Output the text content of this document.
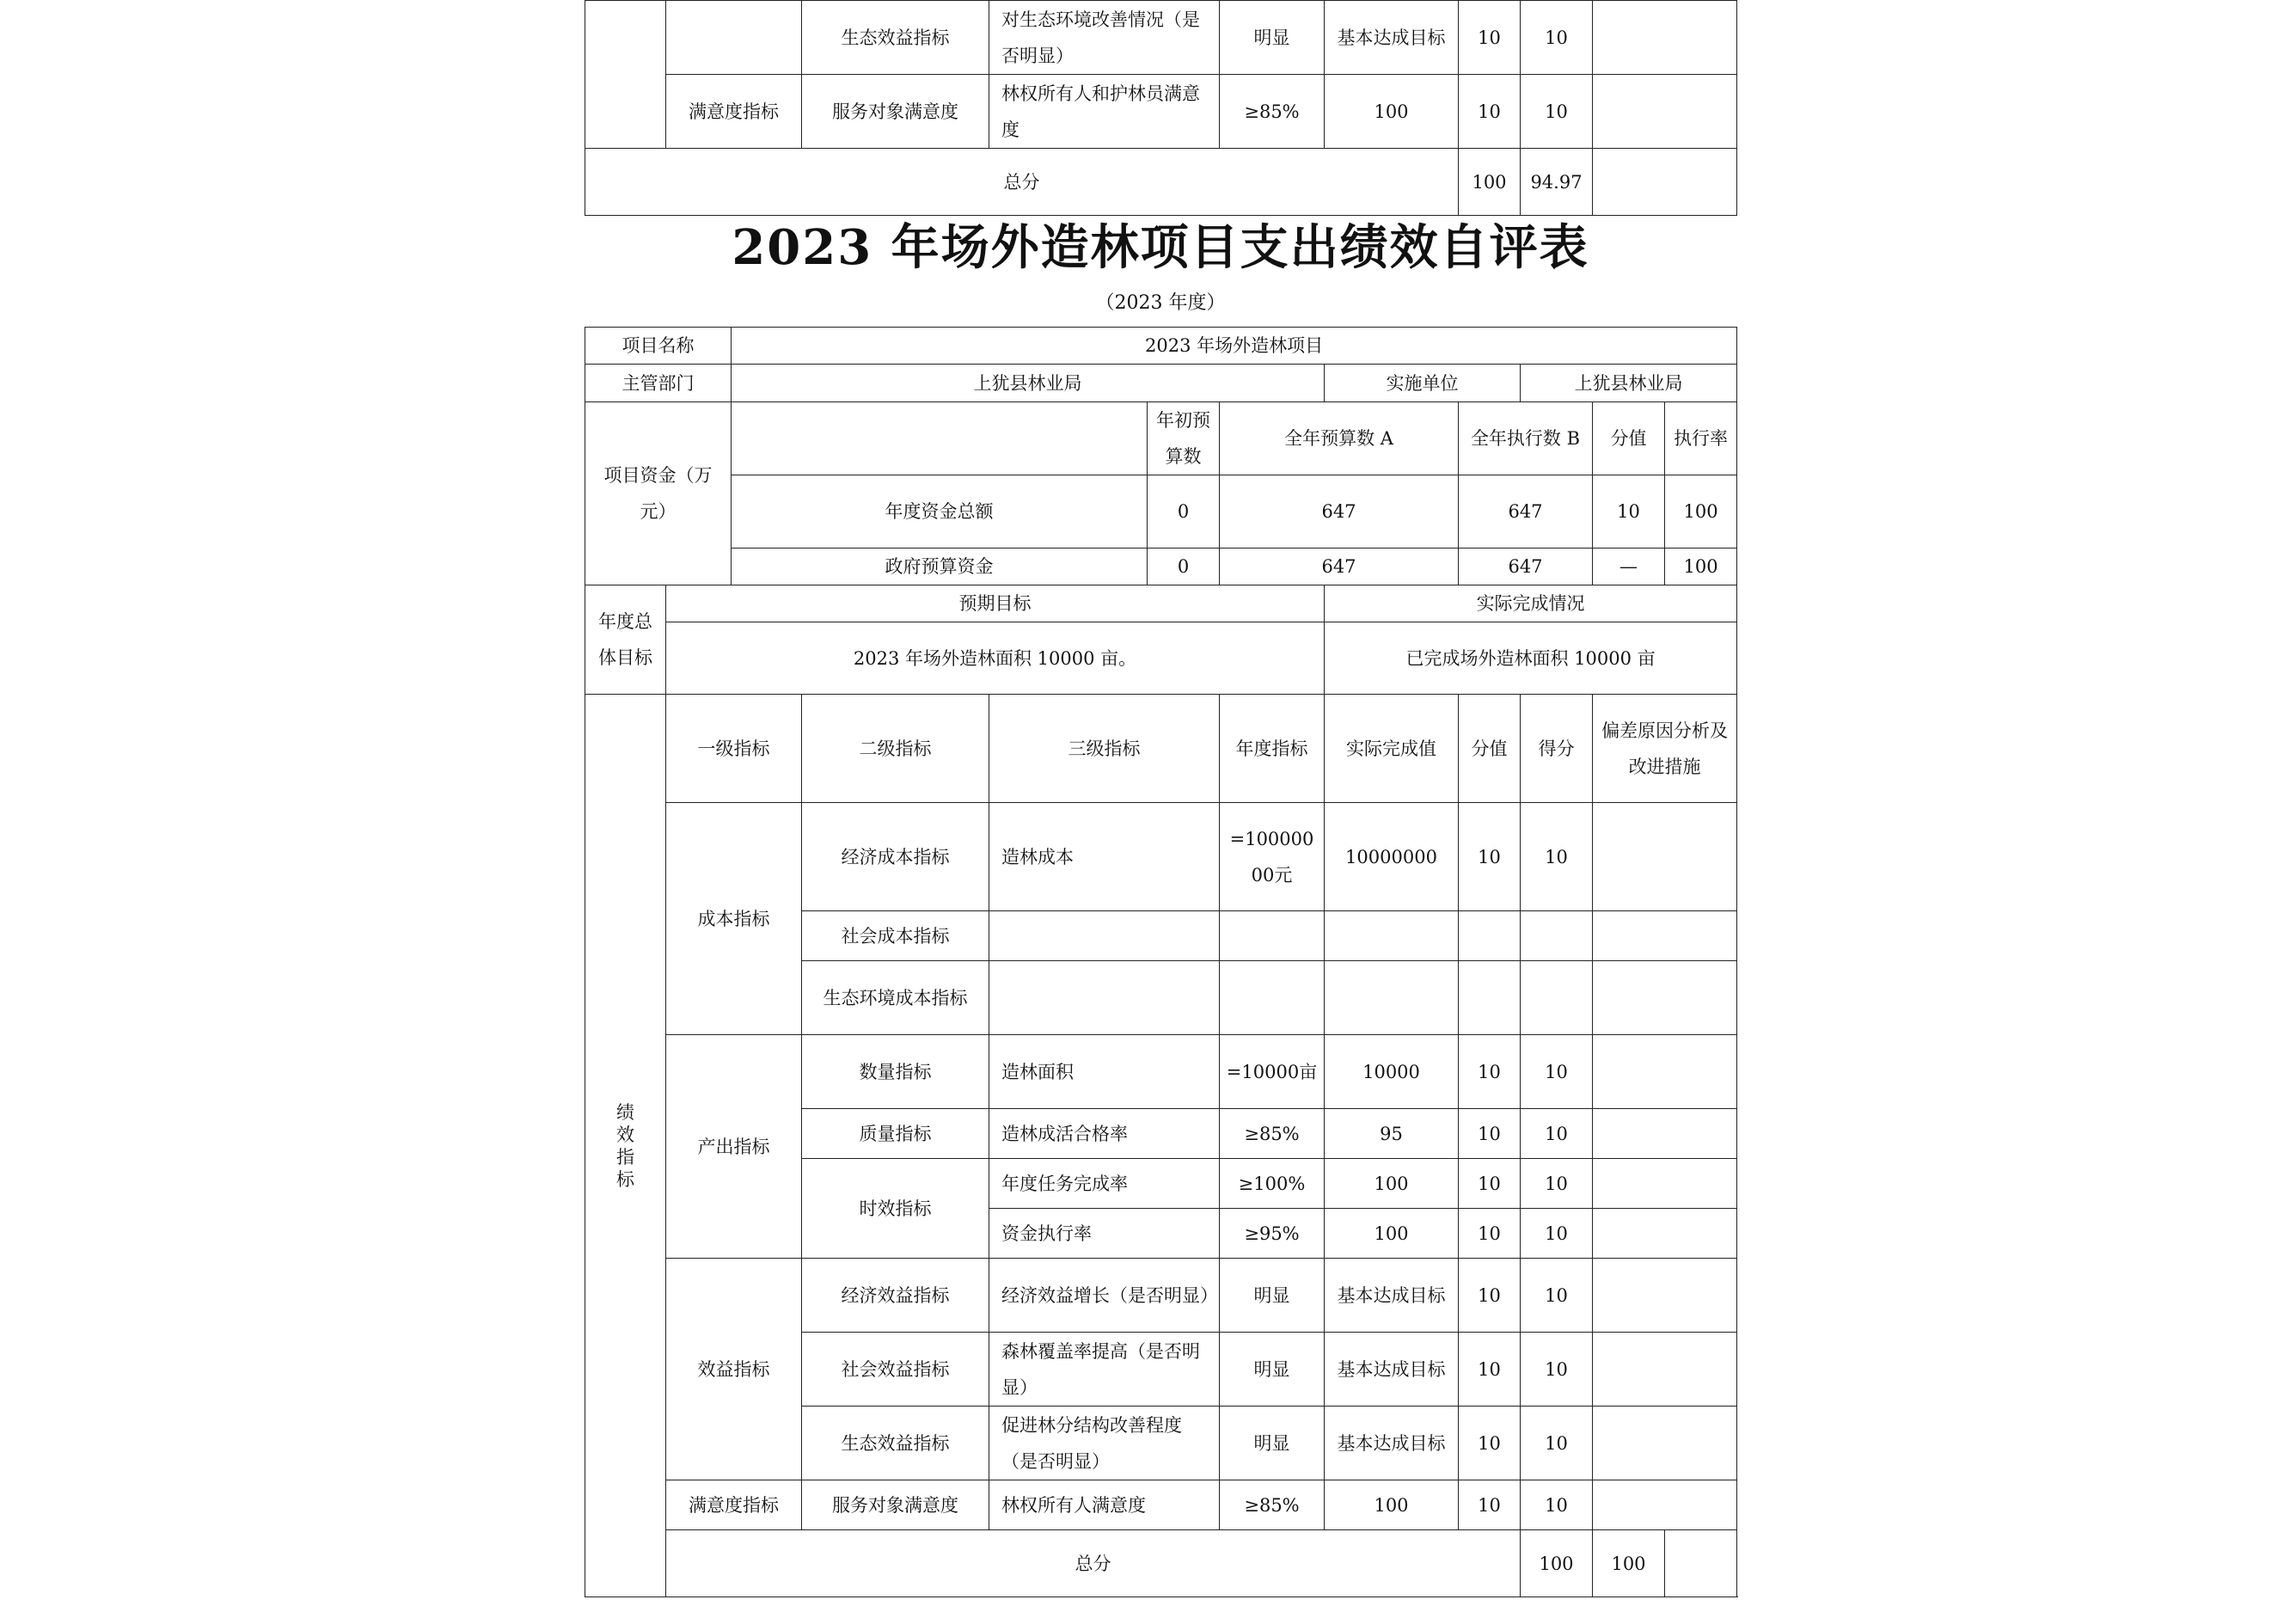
		生态效益指标	对生态环境改善情况（是否明显）	明显	基本达成目标	10	10	
	满意度指标	服务对象满意度	林权所有人和护林员满意度	≥85%	100	10	10	
总分						100	94.97	
2023 年场外造林项目支出绩效自评表
（2023 年度）
项目名称		2023 年场外造林项目										
主管部门		上犹县林业局					实施单位		上犹县林业局			
项目资金（万元）					年初预算数	全年预算数 A		全年执行数 B		分值	执行率	
		年度资金总额			0	647		647		10	100	
		政府预算资金			0	647		647		—	100	
年度总体目标	预期目标						实际完成情况					
	2023 年场外造林面积 10000 亩。						已完成场外造林面积 10000 亩					
绩效指标	一级指标		二级指标	三级指标		年度指标	实际完成值	分值	得分	偏差原因分析及改进措施		
	成本指标		经济成本指标	造林成本		=10000000元	10000000	10	10			
			社会成本指标									
			生态环境成本指标									
	产出指标		数量指标	造林面积		=10000亩	10000	10	10			
			质量指标	造林成活合格率		≥85%	95	10	10			
			时效指标	年度任务完成率		≥100%	100	10	10			
				资金执行率		≥95%	100	10	10			
	效益指标		经济效益指标	经济效益增长（是否明显）		明显	基本达成目标	10	10			
			社会效益指标	森林覆盖率提高（是否明显）		明显	基本达成目标	10	10			
			生态效益指标	促进林分结构改善程度（是否明显）		明显	基本达成目标	10	10			
	满意度指标		服务对象满意度	林权所有人满意度		≥85%	100	10	10			
	总分								100	100		
